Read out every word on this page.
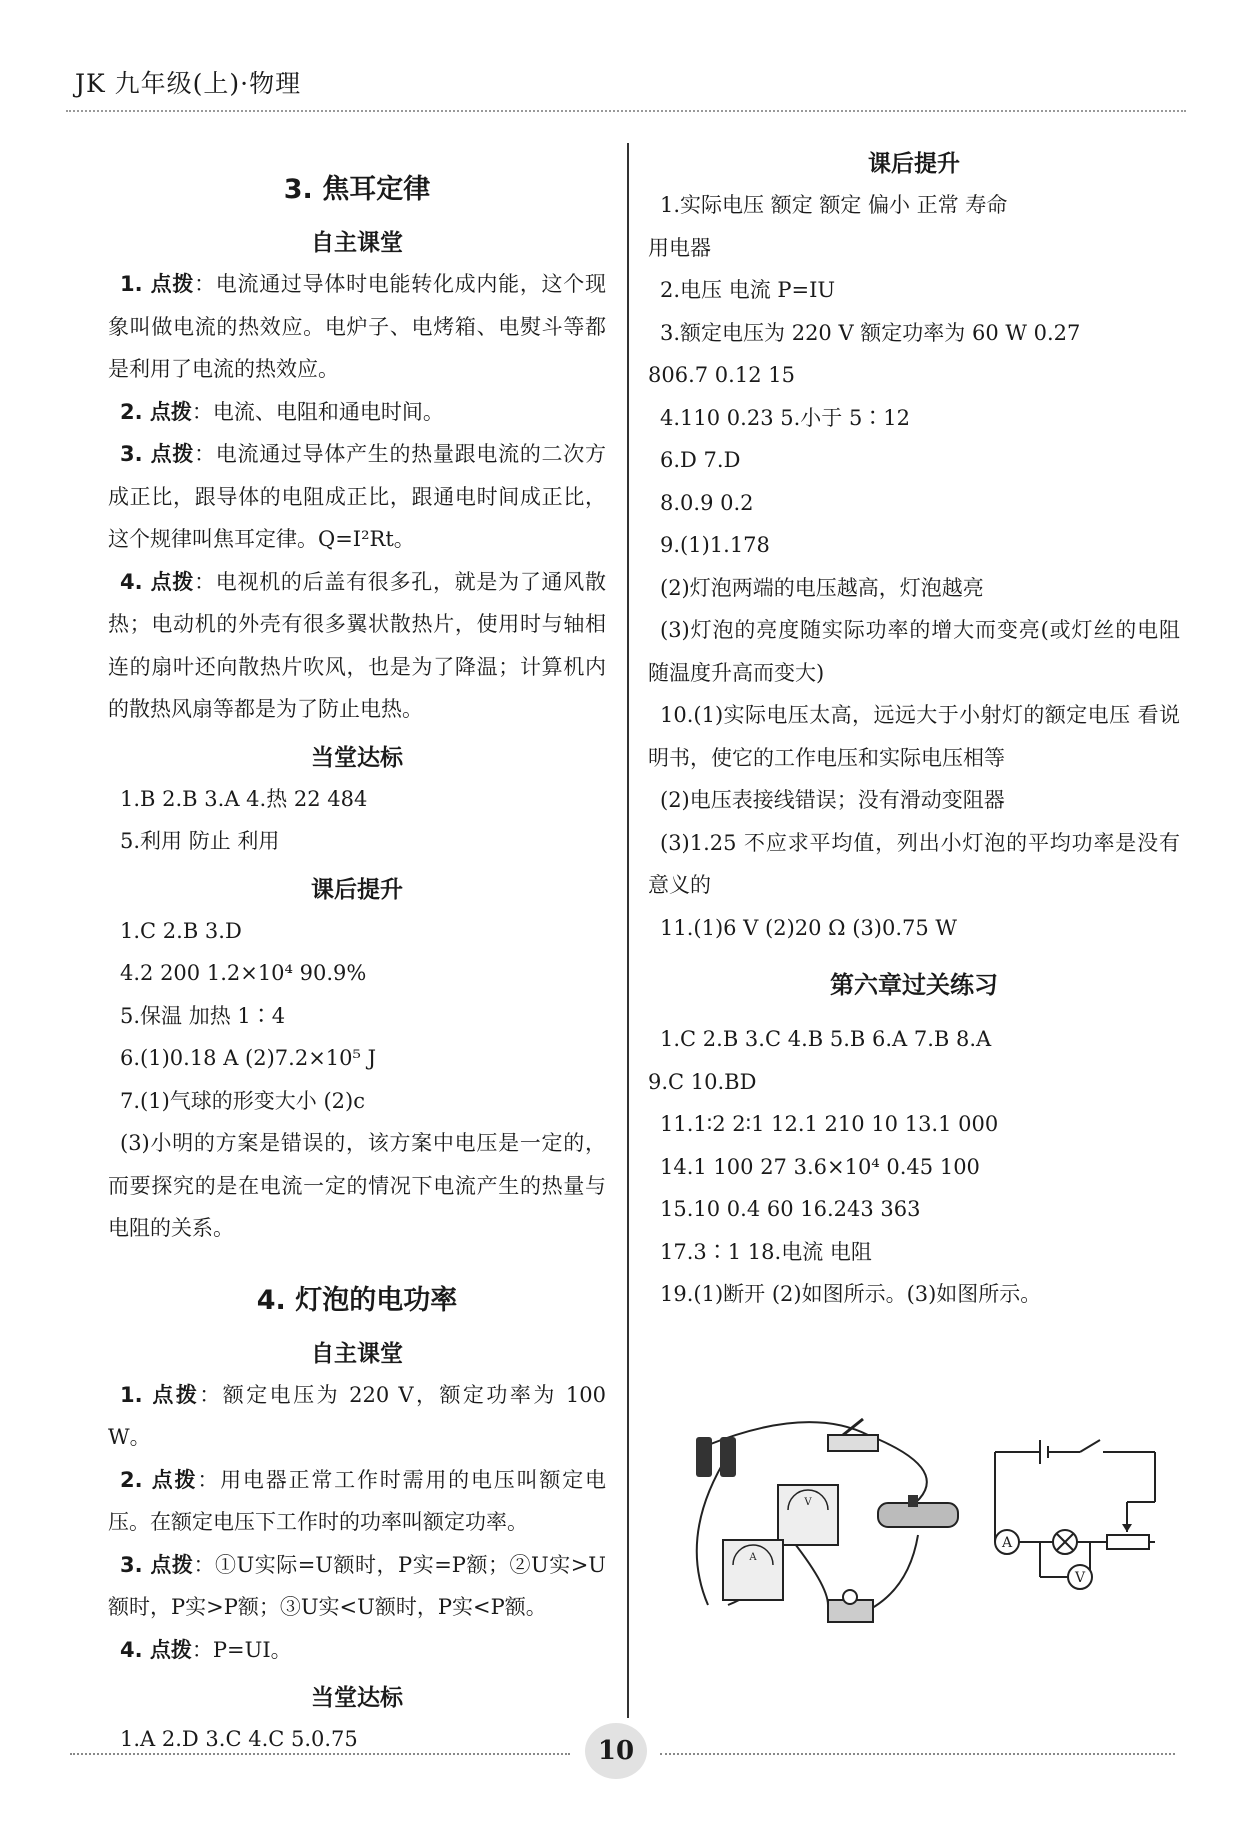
JK 九年级(上)·物理
3. 焦耳定律
自主课堂
1. 点拨：电流通过导体时电能转化成内能，这个现象叫做电流的热效应。电炉子、电烤箱、电熨斗等都是利用了电流的热效应。
2. 点拨：电流、电阻和通电时间。
3. 点拨：电流通过导体产生的热量跟电流的二次方成正比，跟导体的电阻成正比，跟通电时间成正比，这个规律叫焦耳定律。Q=I²Rt。
4. 点拨：电视机的后盖有很多孔，就是为了通风散热；电动机的外壳有很多翼状散热片，使用时与轴相连的扇叶还向散热片吹风，也是为了降温；计算机内的散热风扇等都是为了防止电热。
当堂达标
1.B 2.B 3.A 4.热 22 484
5.利用 防止 利用
课后提升
1.C 2.B 3.D
4.2 200 1.2×10⁴ 90.9%
5.保温 加热 1∶4
6.(1)0.18 A (2)7.2×10⁵ J
7.(1)气球的形变大小 (2)c
(3)小明的方案是错误的，该方案中电压是一定的，而要探究的是在电流一定的情况下电流产生的热量与电阻的关系。
4. 灯泡的电功率
自主课堂
1. 点拨：额定电压为 220 V，额定功率为 100 W。
2. 点拨：用电器正常工作时需用的电压叫额定电压。在额定电压下工作时的功率叫额定功率。
3. 点拨：①U实际=U额时，P实=P额；②U实>U额时，P实>P额；③U实<U额时，P实<P额。
4. 点拨：P=UI。
当堂达标
1.A 2.D 3.C 4.C 5.0.75
课后提升
1.实际电压 额定 额定 偏小 正常 寿命
用电器
2.电压 电流 P=IU
3.额定电压为 220 V 额定功率为 60 W 0.27
806.7 0.12 15
4.110 0.23 5.小于 5∶12
6.D 7.D
8.0.9 0.2
9.(1)1.178
(2)灯泡两端的电压越高，灯泡越亮
(3)灯泡的亮度随实际功率的增大而变亮(或灯丝的电阻随温度升高而变大)
10.(1)实际电压太高，远远大于小射灯的额定电压 看说明书，使它的工作电压和实际电压相等
(2)电压表接线错误；没有滑动变阻器
(3)1.25 不应求平均值，列出小灯泡的平均功率是没有意义的
11.(1)6 V (2)20 Ω (3)0.75 W
第六章过关练习
1.C 2.B 3.C 4.B 5.B 6.A 7.B 8.A
9.C 10.BD
11.1∶2 2∶1 12.1 210 10 13.1 000
14.1 100 27 3.6×10⁴ 0.45 100
15.10 0.4 60 16.243 363
17.3∶1 18.电流 电阻
19.(1)断开 (2)如图所示。(3)如图所示。
V
A
A
V
10
